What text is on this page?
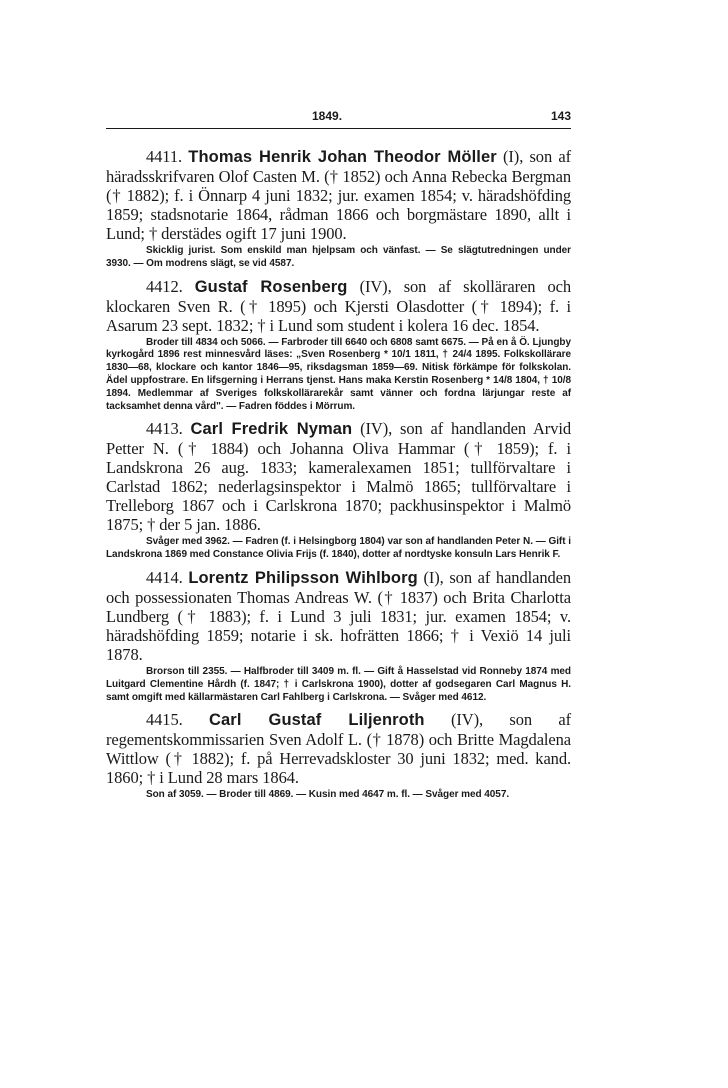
1849.	143

4411. Thomas Henrik Johan Theodor Möller (I), son af häradsskrifvaren Olof Casten M. († 1852) och Anna Rebecka Bergman († 1882); f. i Önnarp 4 juni 1832; jur. examen 1854; v. häradshöfding 1859; stadsnotarie 1864, rådman 1866 och borgmästare 1890, allt i Lund; † derstädes ogift 17 juni 1900.

Skicklig jurist. Som enskild man hjelpsam och vänfast. — Se slägtutredningen under 3930. — Om modrens slägt, se vid 4587.

4412. Gustaf Rosenberg (IV), son af skolläraren och klockaren Sven R. († 1895) och Kjersti Olasdotter († 1894); f. i Asarum 23 sept. 1832; † i Lund som student i kolera 16 dec. 1854.

Broder till 4834 och 5066. — Farbroder till 6640 och 6808 samt 6675. — På en å Ö. Ljungby kyrkogård 1896 rest minnesvård läses: „Sven Rosenberg * 10/1 1811, † 24/4 1895. Folkskollärare 1830—68, klockare och kantor 1846—95, riksdagsman 1859—69. Nitisk förkämpe för folkskolan. Ädel uppfostrare. En lifsgerning i Herrans tjenst. Hans maka Kerstin Rosenberg * 14/8 1804, † 10/8 1894. Medlemmar af Sveriges folkskollärarekår samt vänner och fordna lärjungar reste af tacksamhet denna vård". — Fadren föddes i Mörrum.

4413. Carl Fredrik Nyman (IV), son af handlanden Arvid Petter N. († 1884) och Johanna Oliva Hammar († 1859); f. i Landskrona 26 aug. 1833; kameralexamen 1851; tullförvaltare i Carlstad 1862; nederlagsinspektor i Malmö 1865; tullförvaltare i Trelleborg 1867 och i Carlskrona 1870; packhusinspektor i Malmö 1875; † der 5 jan. 1886.

Svåger med 3962. — Fadren (f. i Helsingborg 1804) var son af handlanden Peter N. — Gift i Landskrona 1869 med Constance Olivia Frijs (f. 1840), dotter af nordtyske konsuln Lars Henrik F.

4414. Lorentz Philipsson Wihlborg (I), son af handlanden och possessionaten Thomas Andreas W. († 1837) och Brita Charlotta Lundberg († 1883); f. i Lund 3 juli 1831; jur. examen 1854; v. häradshöfding 1859; notarie i sk. hofrätten 1866; † i Vexiö 14 juli 1878.

Brorson till 2355. — Halfbroder till 3409 m. fl. — Gift å Hasselstad vid Ronneby 1874 med Luitgard Clementine Hårdh (f. 1847; † i Carlskrona 1900), dotter af godsegaren Carl Magnus H. samt omgift med källarmästaren Carl Fahlberg i Carlskrona. — Svåger med 4612.

4415. Carl Gustaf Liljenroth (IV), son af regementskommissarien Sven Adolf L. († 1878) och Britte Magdalena Wittlow († 1882); f. på Herrevadskloster 30 juni 1832; med. kand. 1860; † i Lund 28 mars 1864.

Son af 3059. — Broder till 4869. — Kusin med 4647 m. fl. — Svåger med 4057.
